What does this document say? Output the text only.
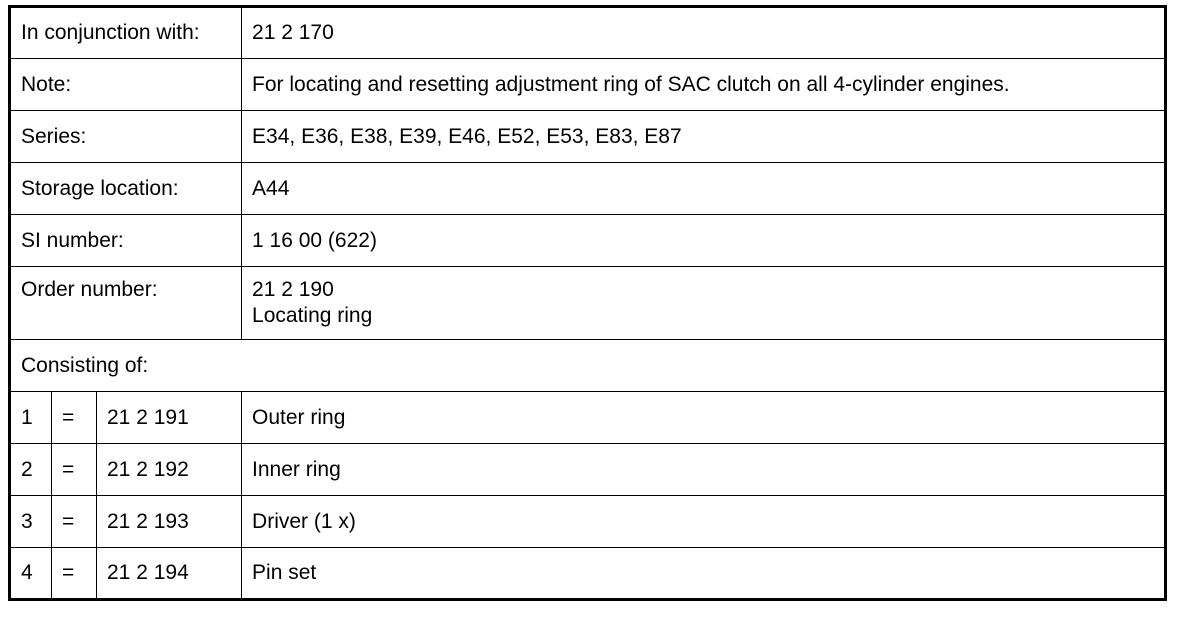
In conjunction with:			21 2 170
Note:			For locating and resetting adjustment ring of SAC clutch on all 4-cylinder engines.
Series:			E34, E36, E38, E39, E46, E52, E53, E83, E87
Storage location:			A44
SI number:			1 16 00 (622)
Order number:			21 2 190
Locating ring

Consisting of:			
1	=	21 2 191	Outer ring
2	=	21 2 192	Inner ring
3	=	21 2 193	Driver (1 x)
4	=	21 2 194	Pin set
